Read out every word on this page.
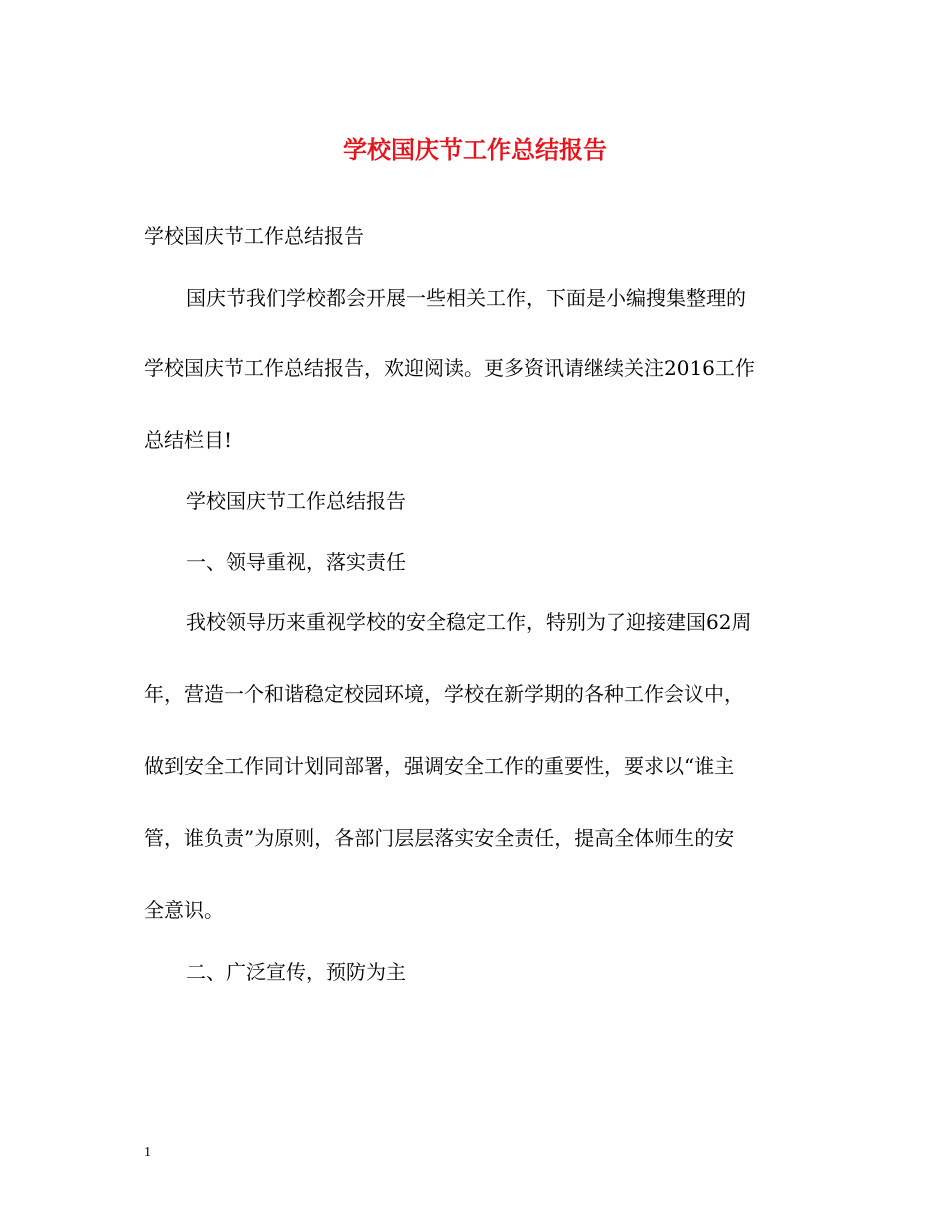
学校国庆节工作总结报告
学校国庆节工作总结报告
国庆节我们学校都会开展一些相关工作，下面是小编搜集整理的
学校国庆节工作总结报告，欢迎阅读。更多资讯请继续关注2016工作
总结栏目!
学校国庆节工作总结报告
一、领导重视，落实责任
我校领导历来重视学校的安全稳定工作，特别为了迎接建国62周
年，营造一个和谐稳定校园环境，学校在新学期的各种工作会议中，
做到安全工作同计划同部署，强调安全工作的重要性，要求以“谁主
管，谁负责”为原则，各部门层层落实安全责任，提高全体师生的安
全意识。
二、广泛宣传，预防为主
1
